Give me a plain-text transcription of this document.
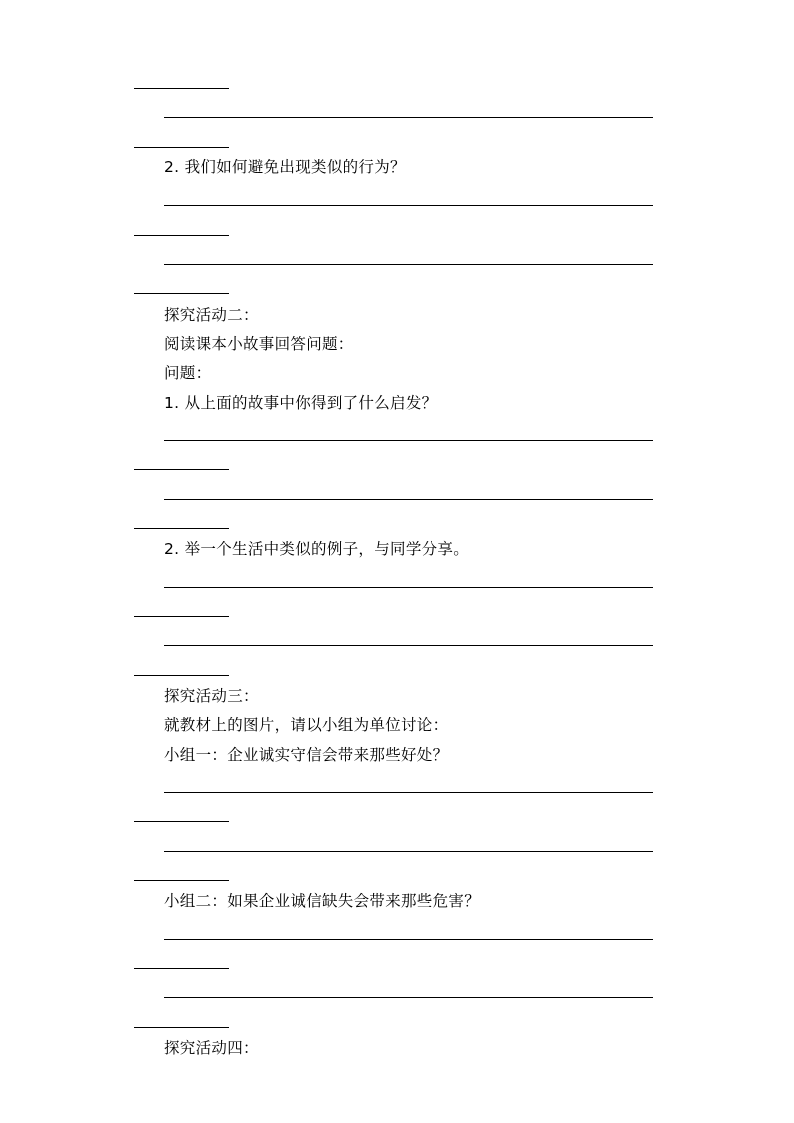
2. 我们如何避免出现类似的行为？
探究活动二：
阅读课本小故事回答问题：
问题：
1. 从上面的故事中你得到了什么启发？
2. 举一个生活中类似的例子，与同学分享。
探究活动三：
就教材上的图片，请以小组为单位讨论：
小组一：企业诚实守信会带来那些好处？
小组二：如果企业诚信缺失会带来那些危害？
探究活动四：
